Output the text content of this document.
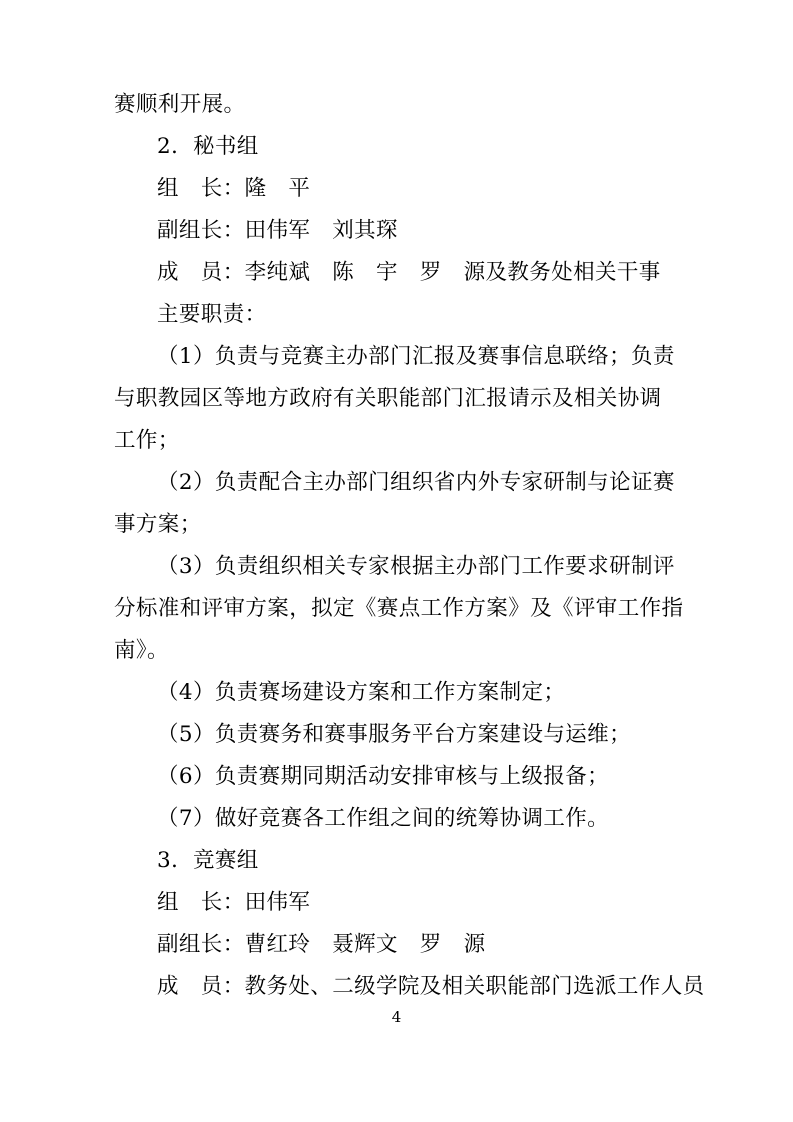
赛顺利开展。
2．秘书组
组　长：隆　平
副组长：田伟军　刘其琛
成　员：李纯斌　陈　宇　罗　源及教务处相关干事
主要职责：
（1）负责与竞赛主办部门汇报及赛事信息联络；负责
与职教园区等地方政府有关职能部门汇报请示及相关协调
工作；
（2）负责配合主办部门组织省内外专家研制与论证赛
事方案；
（3）负责组织相关专家根据主办部门工作要求研制评
分标准和评审方案，拟定《赛点工作方案》及《评审工作指
南》。
（4）负责赛场建设方案和工作方案制定；
（5）负责赛务和赛事服务平台方案建设与运维；
（6）负责赛期同期活动安排审核与上级报备；
（7）做好竞赛各工作组之间的统筹协调工作。
3．竞赛组
组　长：田伟军
副组长：曹红玲　聂辉文　罗　源
成　员：教务处、二级学院及相关职能部门选派工作人员
4
